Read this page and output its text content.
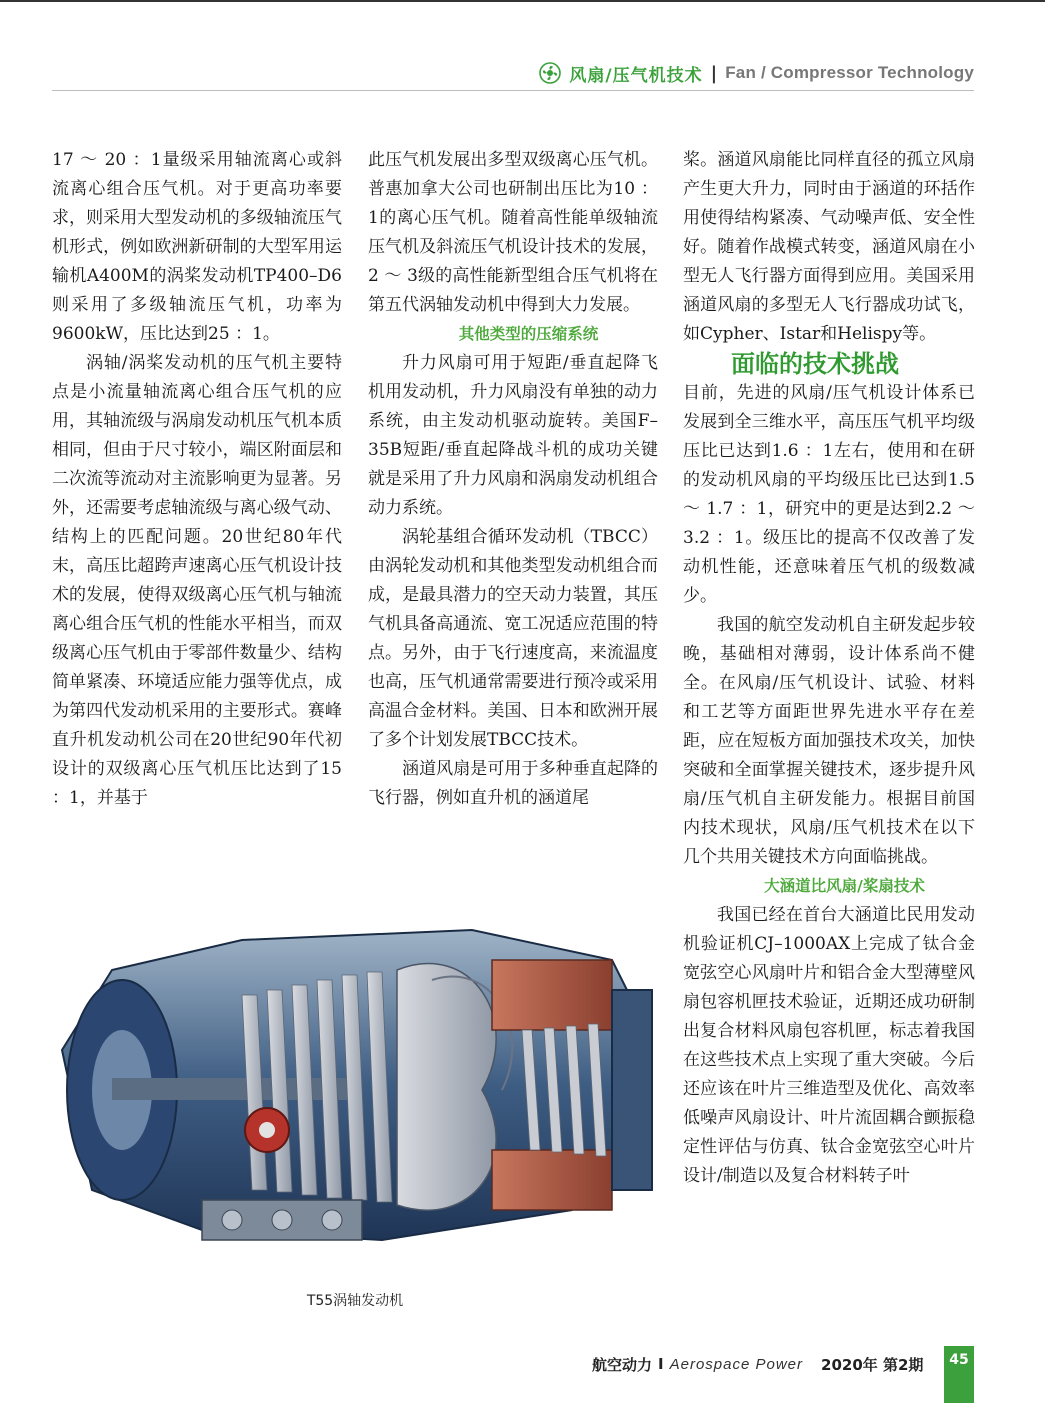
风扇/压气机技术 | Fan / Compressor Technology

17 ～ 20 ：1量级采用轴流离心或斜流离心组合压气机。对于更高功率要求，则采用大型发动机的多级轴流压气机形式，例如欧洲新研制的大型军用运输机A400M的涡桨发动机TP400–D6则采用了多级轴流压气机，功率为9600kW，压比达到25 ：1。

涡轴/涡桨发动机的压气机主要特点是小流量轴流离心组合压气机的应用，其轴流级与涡扇发动机压气机本质相同，但由于尺寸较小，端区附面层和二次流等流动对主流影响更为显著。另外，还需要考虑轴流级与离心级气动、结构上的匹配问题。20世纪80年代末，高压比超跨声速离心压气机设计技术的发展，使得双级离心压气机与轴流离心组合压气机的性能水平相当，而双级离心压气机由于零部件数量少、结构简单紧凑、环境适应能力强等优点，成为第四代发动机采用的主要形式。赛峰直升机发动机公司在20世纪90年代初设计的双级离心压气机压比达到了15 ：1，并基于

此压气机发展出多型双级离心压气机。普惠加拿大公司也研制出压比为10 ：1的离心压气机。随着高性能单级轴流压气机及斜流压气机设计技术的发展，2 ～ 3级的高性能新型组合压气机将在第五代涡轴发动机中得到大力发展。

其他类型的压缩系统

升力风扇可用于短距/垂直起降飞机用发动机，升力风扇没有单独的动力系统，由主发动机驱动旋转。美国F–35B短距/垂直起降战斗机的成功关键就是采用了升力风扇和涡扇发动机组合动力系统。

涡轮基组合循环发动机（TBCC）由涡轮发动机和其他类型发动机组合而成，是最具潜力的空天动力装置，其压气机具备高通流、宽工况适应范围的特点。另外，由于飞行速度高，来流温度也高，压气机通常需要进行预冷或采用高温合金材料。美国、日本和欧洲开展了多个计划发展TBCC技术。

涵道风扇是可用于多种垂直起降的飞行器，例如直升机的涵道尾

桨。涵道风扇能比同样直径的孤立风扇产生更大升力，同时由于涵道的环括作用使得结构紧凑、气动噪声低、安全性好。随着作战模式转变，涵道风扇在小型无人飞行器方面得到应用。美国采用涵道风扇的多型无人飞行器成功试飞，如Cypher、Istar和Helispy等。

面临的技术挑战

目前，先进的风扇/压气机设计体系已发展到全三维水平，高压压气机平均级压比已达到1.6 ：1左右，使用和在研的发动机风扇的平均级压比已达到1.5 ～ 1.7 ：1，研究中的更是达到2.2 ～ 3.2 ：1。级压比的提高不仅改善了发动机性能，还意味着压气机的级数减少。

我国的航空发动机自主研发起步较晚，基础相对薄弱，设计体系尚不健全。在风扇/压气机设计、试验、材料和工艺等方面距世界先进水平存在差距，应在短板方面加强技术攻关，加快突破和全面掌握关键技术，逐步提升风扇/压气机自主研发能力。根据目前国内技术现状，风扇/压气机技术在以下几个共用关键技术方向面临挑战。

大涵道比风扇/桨扇技术

我国已经在首台大涵道比民用发动机验证机CJ–1000AX上完成了钛合金宽弦空心风扇叶片和铝合金大型薄壁风扇包容机匣技术验证，近期还成功研制出复合材料风扇包容机匣，标志着我国在这些技术点上实现了重大突破。今后还应该在叶片三维造型及优化、高效率低噪声风扇设计、叶片流固耦合颤振稳定性评估与仿真、钛合金宽弦空心叶片设计/制造以及复合材料转子叶

T55涡轴发动机
航空动力 I Aerospace Power 2020年 第2期	45
